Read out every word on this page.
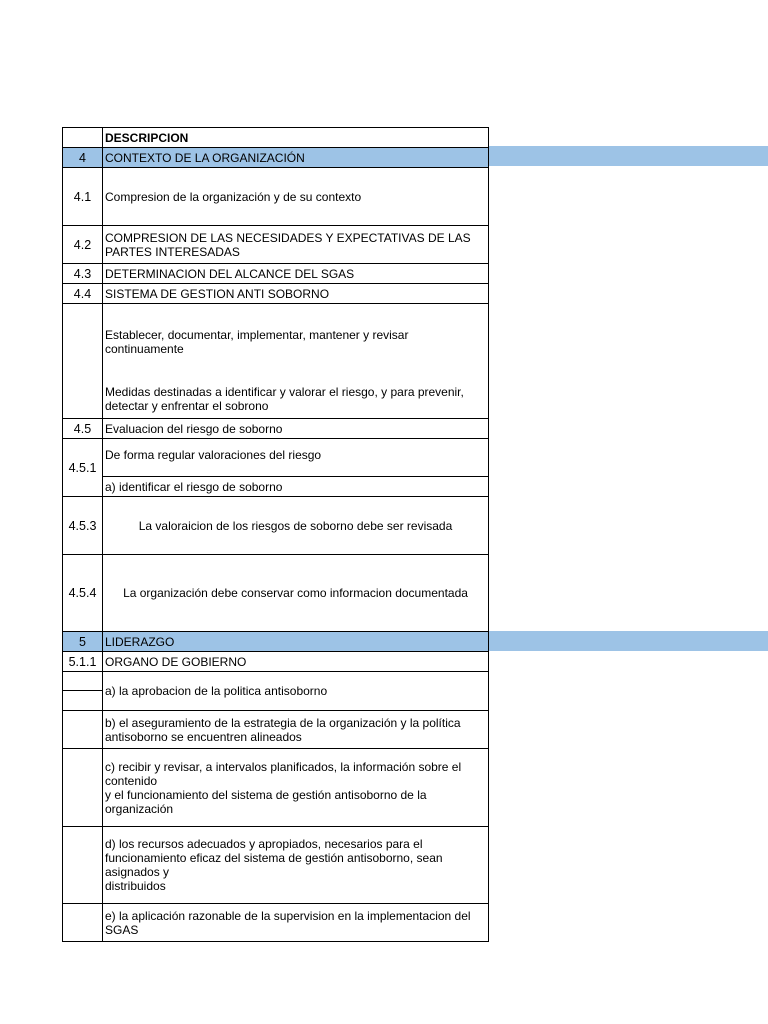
	DESCRIPCION
4	CONTEXTO DE LA ORGANIZACIÓN
4.1	Compresion de la organización y de su contexto
4.2	COMPRESION DE LAS NECESIDADES Y EXPECTATIVAS DE LAS PARTES INTERESADAS
4.3	DETERMINACION DEL ALCANCE DEL SGAS
4.4	SISTEMA DE GESTION ANTI SOBORNO
	Establecer, documentar, implementar, mantener y revisar continuamente
	Medidas destinadas a identificar y valorar el riesgo, y para prevenir, detectar y enfrentar el sobrono
4.5	Evaluacion del riesgo de soborno
4.5.1	De forma regular valoraciones del riesgo
	a) identificar el riesgo de soborno
4.5.3	La valoraicion de los riesgos de soborno debe ser revisada
4.5.4	La organización debe conservar como informacion documentada
5	LIDERAZGO
5.1.1	ORGANO DE GOBIERNO

	a) la aprobacion de la politica antisoborno
	b) el aseguramiento de la estrategia de la organización y la política antisoborno se encuentren alineados
	c) recibir y revisar, a intervalos planificados, la información sobre el contenido
y el funcionamiento del sistema de gestión antisoborno de la organización
	d) los recursos adecuados y apropiados, necesarios para el funcionamiento eficaz del sistema de gestión antisoborno, sean asignados y
distribuidos
	e) la aplicación razonable de la supervision en la implementacion del SGAS
